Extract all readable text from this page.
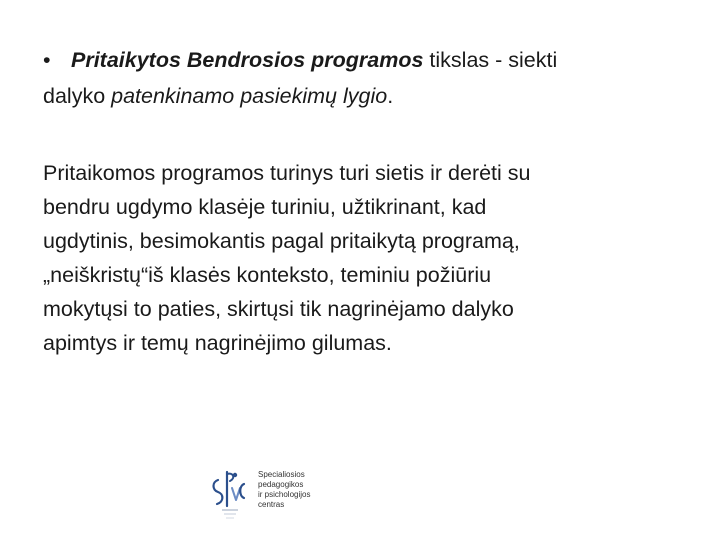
• Pritaikytos Bendrosios programos tikslas - siekti
dalyko patenkinamo pasiekimų lygio.
Pritaikomos programos turinys turi sietis ir derėti su
bendru ugdymo klasėje turiniu, užtikrinant, kad
ugdytinis, besimokantis pagal pritaikytą programą,
„neiškristų“iš klasės konteksto, teminiu požiūriu
mokytųsi to paties, skirtųsi tik nagrinėjamo dalyko
apimtys ir temų nagrinėjimo gilumas.
Specialiosios
pedagogikos
ir psichologijos
centras
